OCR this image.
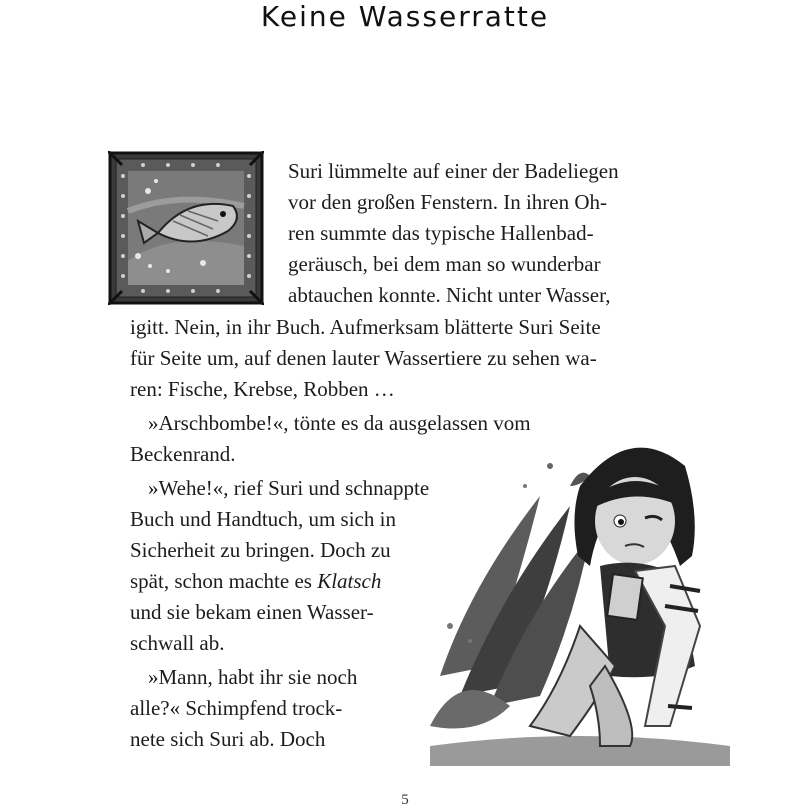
Keine Wasserratte
Suri lümmelte auf einer der Badeliegen
vor den großen Fenstern. In ihren Oh-
ren summte das typische Hallenbad-
geräusch, bei dem man so wunderbar
abtauchen konnte. Nicht unter Wasser,
igitt. Nein, in ihr Buch. Aufmerksam blätterte Suri Seite
für Seite um, auf denen lauter Wassertiere zu sehen wa-
ren: Fische, Krebse, Robben …
»Arschbombe!«, tönte es da ausgelassen vom
Beckenrand.
»Wehe!«, rief Suri und schnappte
Buch und Handtuch, um sich in
Sicherheit zu bringen. Doch zu
spät, schon machte es Klatsch
und sie bekam einen Wasser-
schwall ab.
»Mann, habt ihr sie noch
alle?« Schimpfend trock-
nete sich Suri ab. Doch
5
